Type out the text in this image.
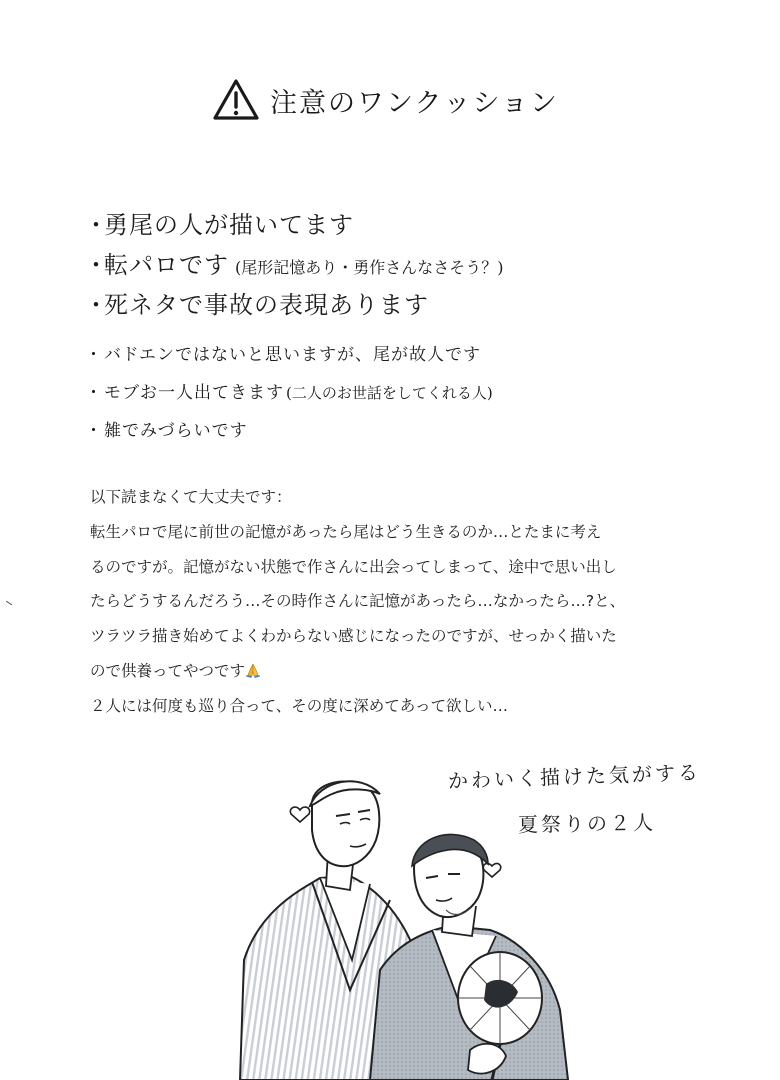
注意のワンクッション
・
勇尾の人が描いてます
・
転パロです (尾形記憶あり・勇作さんなさそう？)
・
死ネタで事故の表現あります
・ バドエンではないと思いますが、尾が故人です
・ モブお一人出てきます (二人のお世話をしてくれる人)
・ 雑でみづらいです
以下読まなくて大丈夫です：
転生パロで尾に前世の記憶があったら尾はどう生きるのか…とたまに考え
るのですが。記憶がない状態で作さんに出会ってしまって、途中で思い出し
たらどうするんだろう…その時作さんに記憶があったら…なかったら…?と、
ツラツラ描き始めてよくわからない感じになったのですが、せっかく描いた
ので供養ってやつです
２人には何度も巡り合って、その度に深めてあって欲しい…
かわいく描けた気がする
夏祭りの２人
